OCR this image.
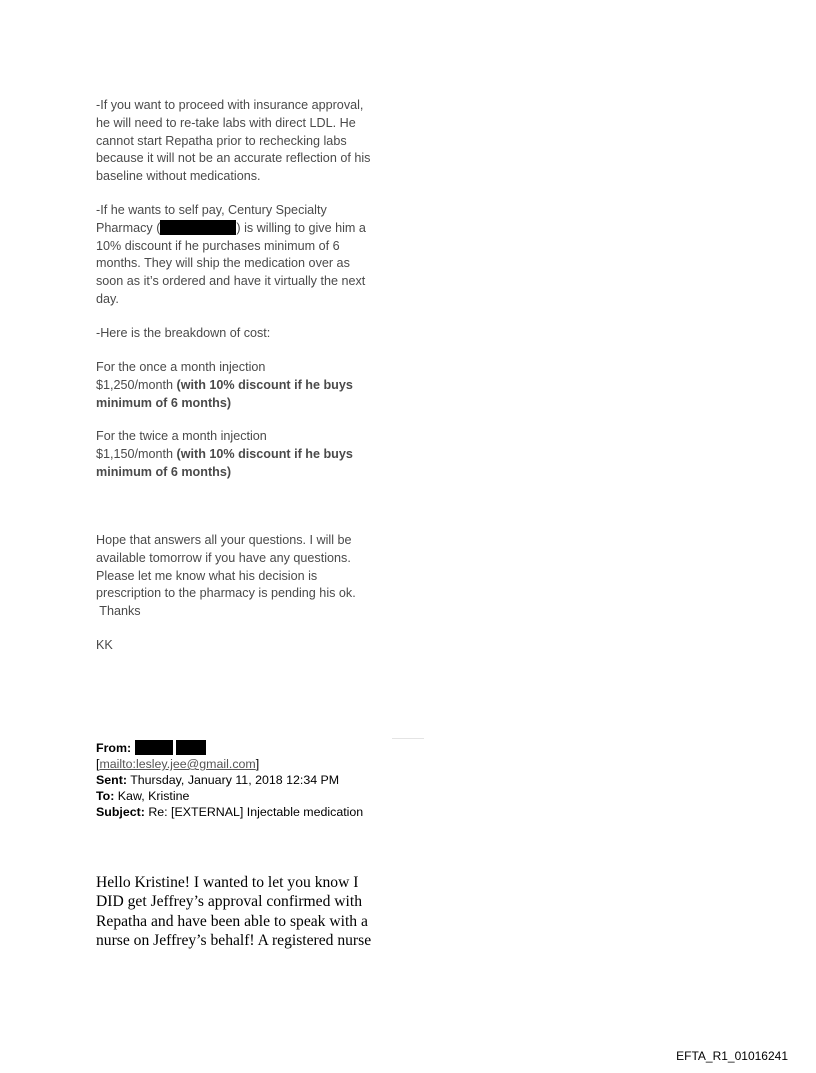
-If you want to proceed with insurance approval,
he will need to re-take labs with direct LDL. He
cannot start Repatha prior to rechecking labs
because it will not be an accurate reflection of his
baseline without medications.
-If he wants to self pay, Century Specialty
Pharmacy (	) is willing to give him a
10% discount if he purchases minimum of 6
months. They will ship the medication over as
soon as it’s ordered and have it virtually the next
day.
-Here is the breakdown of cost:
For the once a month injection
$1,250/month (with 10% discount if he buys
minimum of 6 months)
For the twice a month injection
$1,150/month (with 10% discount if he buys
minimum of 6 months)
Hope that answers all your questions. I will be
available tomorrow if you have any questions.
Please let me know what his decision is
prescription to the pharmacy is pending his ok.
Thanks
KK
From:
[mailto:lesley.jee@gmail.com]
Sent: Thursday, January 11, 2018 12:34 PM
To: Kaw, Kristine
Subject: Re: [EXTERNAL] Injectable medication
Hello Kristine! I wanted to let you know I
DID get Jeffrey’s approval confirmed with
Repatha and have been able to speak with a
nurse on Jeffrey’s behalf! A registered nurse
EFTA_R1_01016241
